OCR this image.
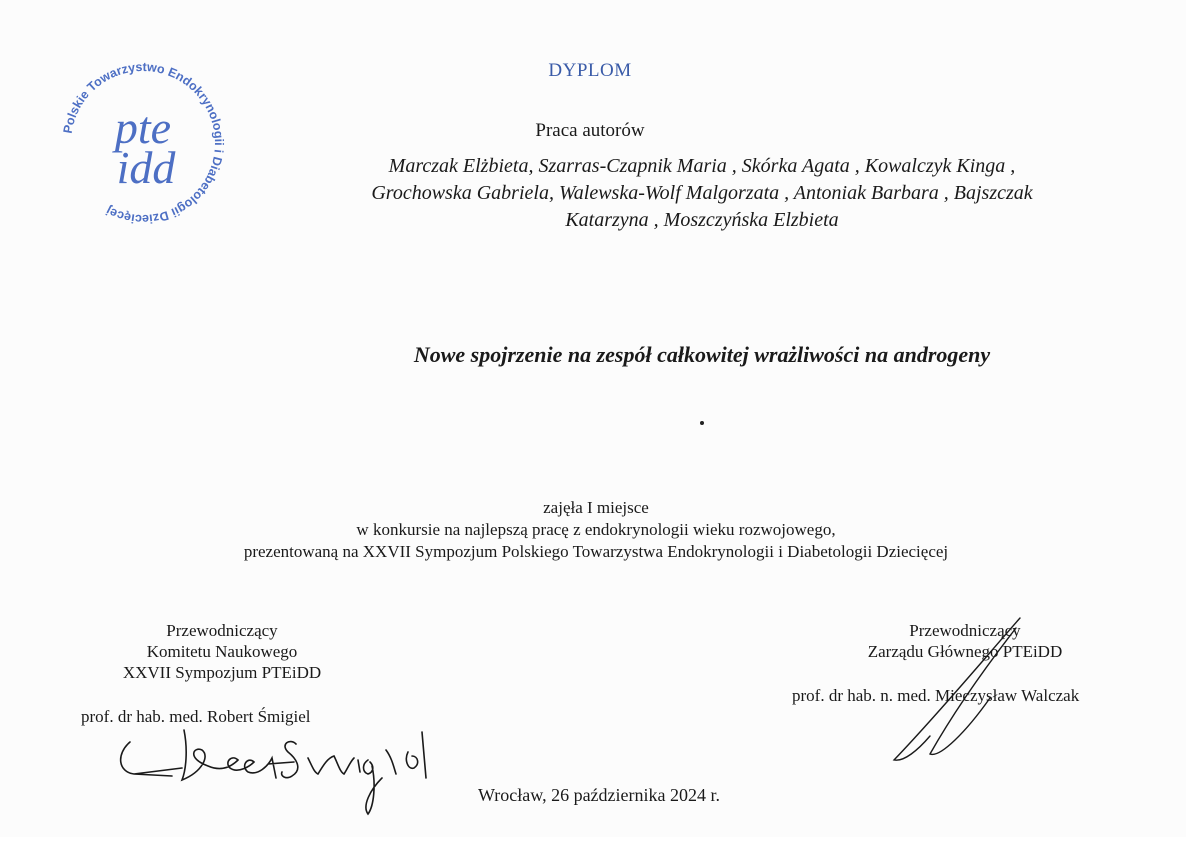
Polskie Towarzystwo Endokrynologii i Diabetologii Dziecięcej
pte
idd
DYPLOM
Praca autorów
Marczak Elżbieta, Szarras-Czapnik Maria , Skórka Agata , Kowalczyk Kinga ,
Grochowska Gabriela, Walewska-Wolf Malgorzata , Antoniak Barbara , Bajszczak
Katarzyna , Moszczyńska Elzbieta
Nowe spojrzenie na zespół całkowitej wrażliwości na androgeny
zajęła I miejsce
w konkursie na najlepszą pracę z endokrynologii wieku rozwojowego,
prezentowaną na XXVII Sympozjum Polskiego Towarzystwa Endokrynologii i Diabetologii Dziecięcej
Przewodniczący
Komitetu Naukowego
XXVII Sympozjum PTEiDD
prof. dr hab. med. Robert Śmigiel
Przewodniczący
Zarządu Głównego PTEiDD
prof. dr hab. n. med. Mieczysław Walczak
Wrocław, 26 października 2024 r.
